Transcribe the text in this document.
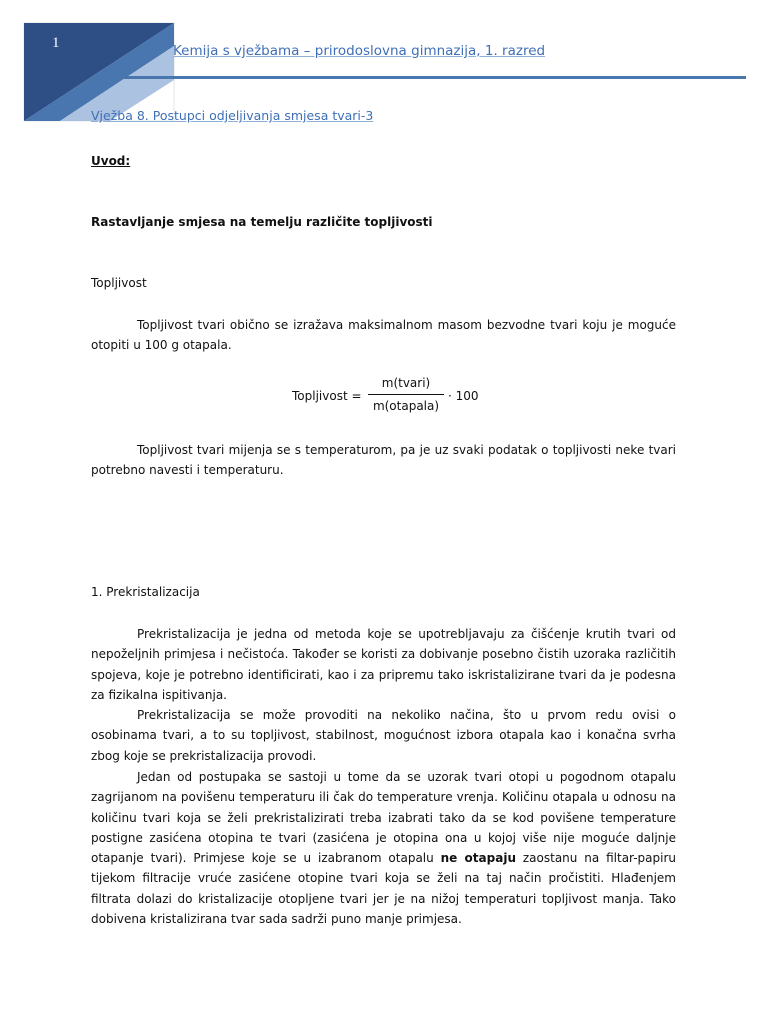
1	Kemija s vježbama – prirodoslovna gimnazija, 1. razred
Vježba 8. Postupci odjeljivanja smjesa tvari-3
Uvod:
Rastavljanje smjesa na temelju različite topljivosti
Topljivost
Topljivost tvari obično se izražava maksimalnom masom bezvodne tvari koju je moguće otopiti u 100 g otapala.
Topljivost =
m(tvari)
m(otapala)
· 100
Topljivost tvari mijenja se s temperaturom, pa je uz svaki podatak o topljivosti neke tvari potrebno navesti i temperaturu.
1. Prekristalizacija
Prekristalizacija je jedna od metoda koje se upotrebljavaju za čišćenje krutih tvari od nepoželjnih primjesa i nečistoća. Također se koristi za dobivanje posebno čistih uzoraka različitih spojeva, koje je potrebno identificirati, kao i za pripremu tako iskristalizirane tvari da je podesna za fizikalna ispitivanja.
Prekristalizacija se može provoditi na nekoliko načina, što u prvom redu ovisi o osobinama tvari, a to su topljivost, stabilnost, mogućnost izbora otapala kao i konačna svrha zbog koje se prekristalizacija provodi.
Jedan od postupaka se sastoji u tome da se uzorak tvari otopi u pogodnom otapalu zagrijanom na povišenu temperaturu ili čak do temperature vrenja. Količinu otapala u odnosu na količinu tvari koja se želi prekristalizirati treba izabrati tako da se kod povišene temperature postigne zasićena otopina te tvari (zasićena je otopina ona u kojoj više nije moguće daljnje otapanje tvari). Primjese koje se u izabranom otapalu ne otapaju zaostanu na filtar-papiru tijekom filtracije vruće zasićene otopine tvari koja se želi na taj način pročistiti. Hlađenjem filtrata dolazi do kristalizacije otopljene tvari jer je na nižoj temperaturi topljivost manja. Tako dobivena kristalizirana tvar sada sadrži puno manje primjesa.
